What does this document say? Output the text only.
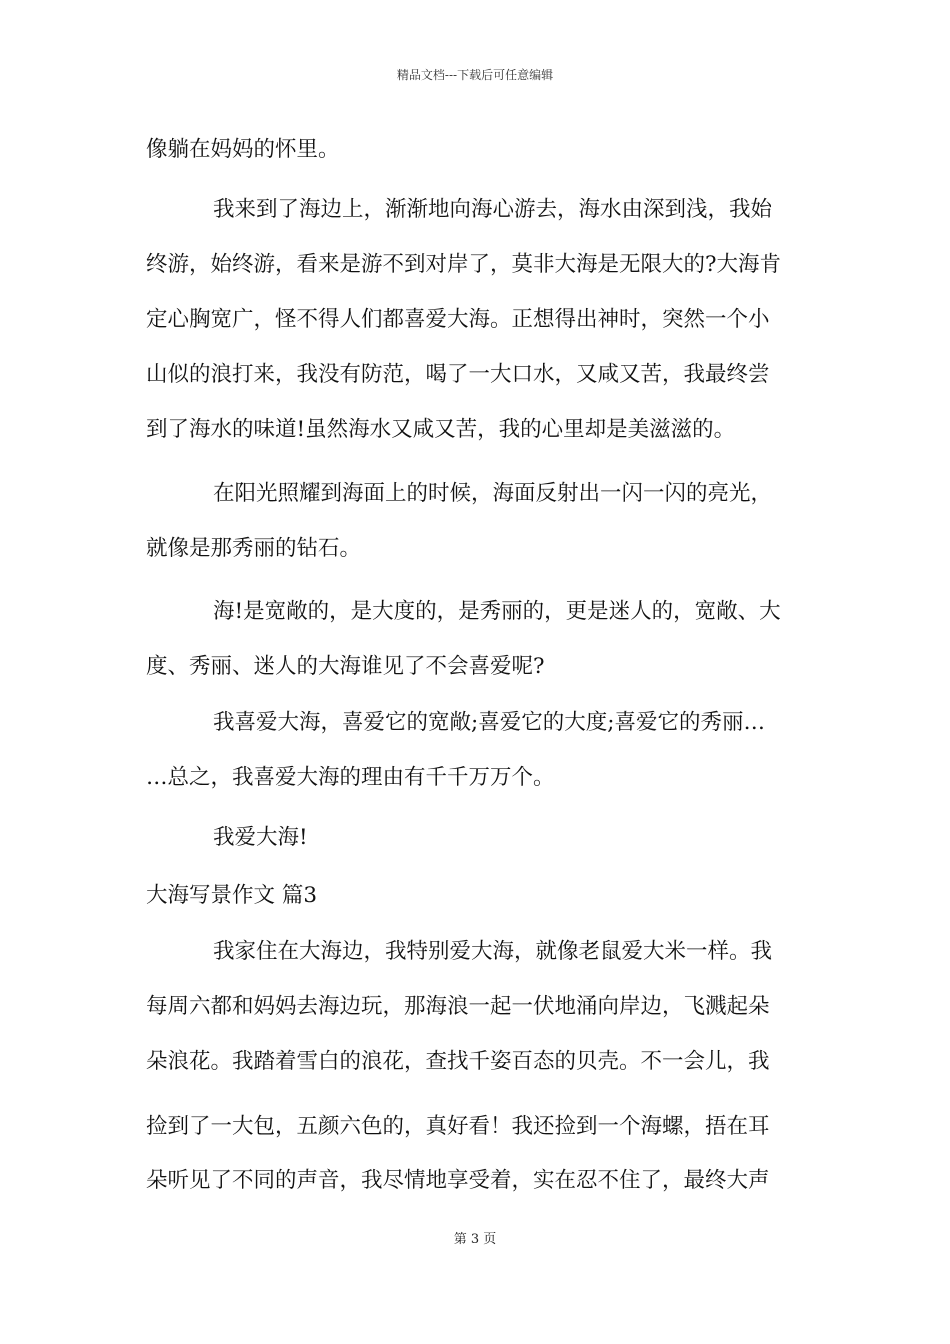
精品文档---下载后可任意编辑
像躺在妈妈的怀里。
我来到了海边上，渐渐地向海心游去，海水由深到浅，我始
终游，始终游，看来是游不到对岸了，莫非大海是无限大的?大海肯
定心胸宽广，怪不得人们都喜爱大海。正想得出神时，突然一个小
山似的浪打来，我没有防范，喝了一大口水，又咸又苦，我最终尝
到了海水的味道!虽然海水又咸又苦，我的心里却是美滋滋的。
在阳光照耀到海面上的时候，海面反射出一闪一闪的亮光，
就像是那秀丽的钻石。
海!是宽敞的，是大度的，是秀丽的，更是迷人的，宽敞、大
度、秀丽、迷人的大海谁见了不会喜爱呢?
我喜爱大海，喜爱它的宽敞;喜爱它的大度;喜爱它的秀丽…
…总之，我喜爱大海的理由有千千万万个。
我爱大海!
大海写景作文 篇3
我家住在大海边，我特别爱大海，就像老鼠爱大米一样。我
每周六都和妈妈去海边玩，那海浪一起一伏地涌向岸边，飞溅起朵
朵浪花。我踏着雪白的浪花，查找千姿百态的贝壳。不一会儿，我
捡到了一大包，五颜六色的，真好看！我还捡到一个海螺，捂在耳
朵听见了不同的声音，我尽情地享受着，实在忍不住了，最终大声
第 3 页
